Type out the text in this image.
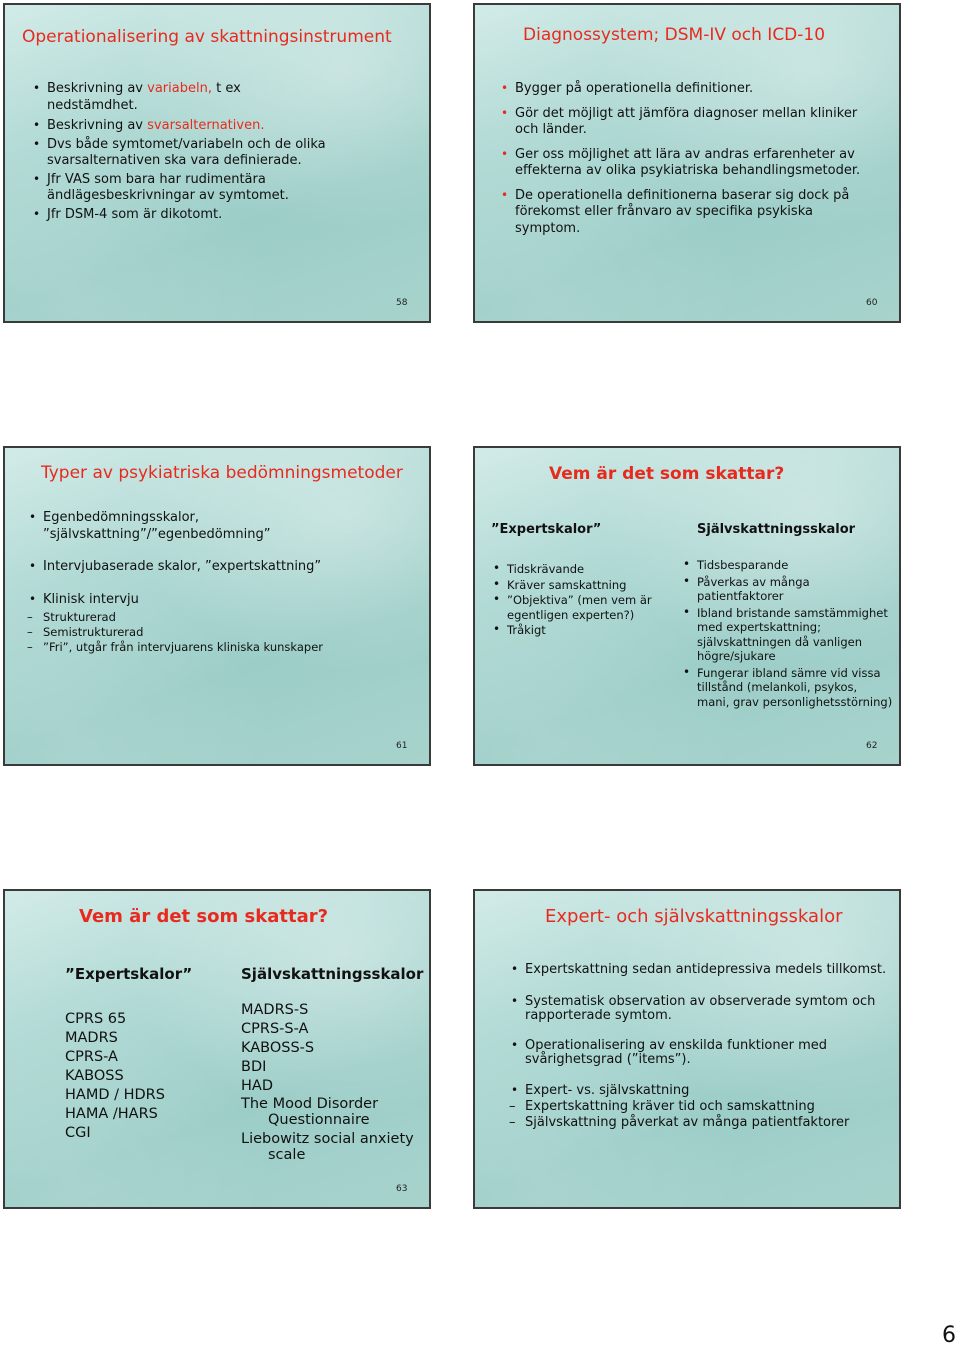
Operationalisering av skattningsinstrument
• Beskrivning av variabeln, t ex nedstämdhet.
• Beskrivning av svarsalternativen.
• Dvs både symtomet/variabeln och de olika svarsalternativen ska vara definierade.
• Jfr VAS som bara har rudimentära ändlägesbeskrivningar av symtomet.
• Jfr DSM-4 som är dikotomt.
58
Diagnossystem; DSM-IV och ICD-10
• Bygger på operationella definitioner.
• Gör det möjligt att jämföra diagnoser mellan kliniker och länder.
• Ger oss möjlighet att lära av andras erfarenheter av effekterna av olika psykiatriska behandlingsmetoder.
• De operationella definitionerna baserar sig dock på förekomst eller frånvaro av specifika psykiska symptom.
60
Typer av psykiatriska bedömningsmetoder
• Egenbedömningsskalor, ”självskattning”/”egenbedömning”
• Intervjubaserade skalor, ”expertskattning”
• Klinisk intervju
– Strukturerad
– Semistrukturerad
– ”Fri”, utgår från intervjuarens kliniska kunskaper
61
Vem är det som skattar?
”Expertskalor”	Självskattningsskalor
• Tidskrävande
• Kräver samskattning
• ”Objektiva” (men vem är egentligen experten?)
• Tråkigt
• Tidsbesparande
• Påverkas av många patientfaktorer
• Ibland bristande samstämmighet med expertskattning; självskattningen då vanligen högre/sjukare
• Fungerar ibland sämre vid vissa tillstånd (melankoli, psykos, mani, grav personlighetsstörning)
62
Vem är det som skattar?
”Expertskalor”	Självskattningsskalor
CPRS 65
MADRS
CPRS-A
KABOSS
HAMD / HDRS
HAMA /HARS
CGI
MADRS-S
CPRS-S-A
KABOSS-S
BDI
HAD
The Mood Disorder
Questionnaire
Liebowitz social anxiety
scale
63
Expert- och självskattningsskalor
• Expertskattning sedan antidepressiva medels tillkomst.
• Systematisk observation av observerade symtom och rapporterade symtom.
• Operationalisering av enskilda funktioner med svårighetsgrad (”items”).
• Expert- vs. självskattning
– Expertskattning kräver tid och samskattning
– Självskattning påverkat av många patientfaktorer
6
